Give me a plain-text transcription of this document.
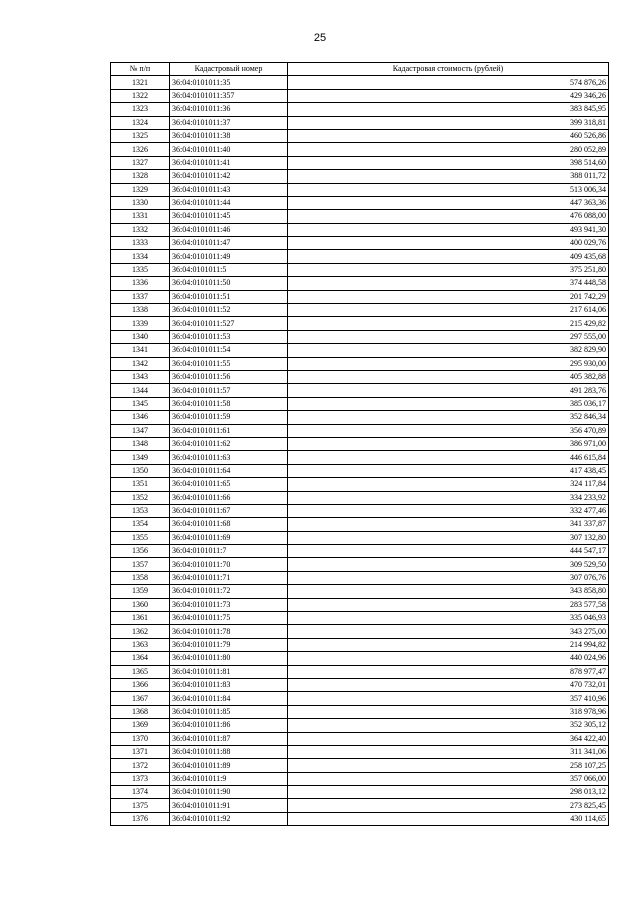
25
№ п/п	Кадастровый номер	Кадастровая стоимость (рублей)
1321	36:04:0101011:35	574 876,26
1322	36:04:0101011:357	429 346,26
1323	36:04:0101011:36	383 845,95
1324	36:04:0101011:37	399 318,81
1325	36:04:0101011:38	460 526,86
1326	36:04:0101011:40	280 052,89
1327	36:04:0101011:41	398 514,60
1328	36:04:0101011:42	388 011,72
1329	36:04:0101011:43	513 006,34
1330	36:04:0101011:44	447 363,36
1331	36:04:0101011:45	476 088,00
1332	36:04:0101011:46	493 941,30
1333	36:04:0101011:47	400 029,76
1334	36:04:0101011:49	409 435,68
1335	36:04:0101011:5	375 251,80
1336	36:04:0101011:50	374 448,58
1337	36:04:0101011:51	201 742,29
1338	36:04:0101011:52	217 614,06
1339	36:04:0101011:527	215 429,82
1340	36:04:0101011:53	297 555,00
1341	36:04:0101011:54	382 829,90
1342	36:04:0101011:55	295 930,00
1343	36:04:0101011:56	405 382,88
1344	36:04:0101011:57	491 283,76
1345	36:04:0101011:58	385 036,17
1346	36:04:0101011:59	352 846,34
1347	36:04:0101011:61	356 470,89
1348	36:04:0101011:62	386 971,00
1349	36:04:0101011:63	446 615,84
1350	36:04:0101011:64	417 438,45
1351	36:04:0101011:65	324 117,84
1352	36:04:0101011:66	334 233,92
1353	36:04:0101011:67	332 477,46
1354	36:04:0101011:68	341 337,87
1355	36:04:0101011:69	307 132,80
1356	36:04:0101011:7	444 547,17
1357	36:04:0101011:70	309 529,50
1358	36:04:0101011:71	307 076,76
1359	36:04:0101011:72	343 858,80
1360	36:04:0101011:73	283 577,58
1361	36:04:0101011:75	335 046,93
1362	36:04:0101011:78	343 275,00
1363	36:04:0101011:79	214 994,82
1364	36:04:0101011:80	440 024,96
1365	36:04:0101011:81	878 977,47
1366	36:04:0101011:83	470 732,01
1367	36:04:0101011:84	357 410,96
1368	36:04:0101011:85	318 978,96
1369	36:04:0101011:86	352 305,12
1370	36:04:0101011:87	364 422,40
1371	36:04:0101011:88	311 341,06
1372	36:04:0101011:89	258 107,25
1373	36:04:0101011:9	357 066,00
1374	36:04:0101011:90	298 013,12
1375	36:04:0101011:91	273 825,45
1376	36:04:0101011:92	430 114,65
